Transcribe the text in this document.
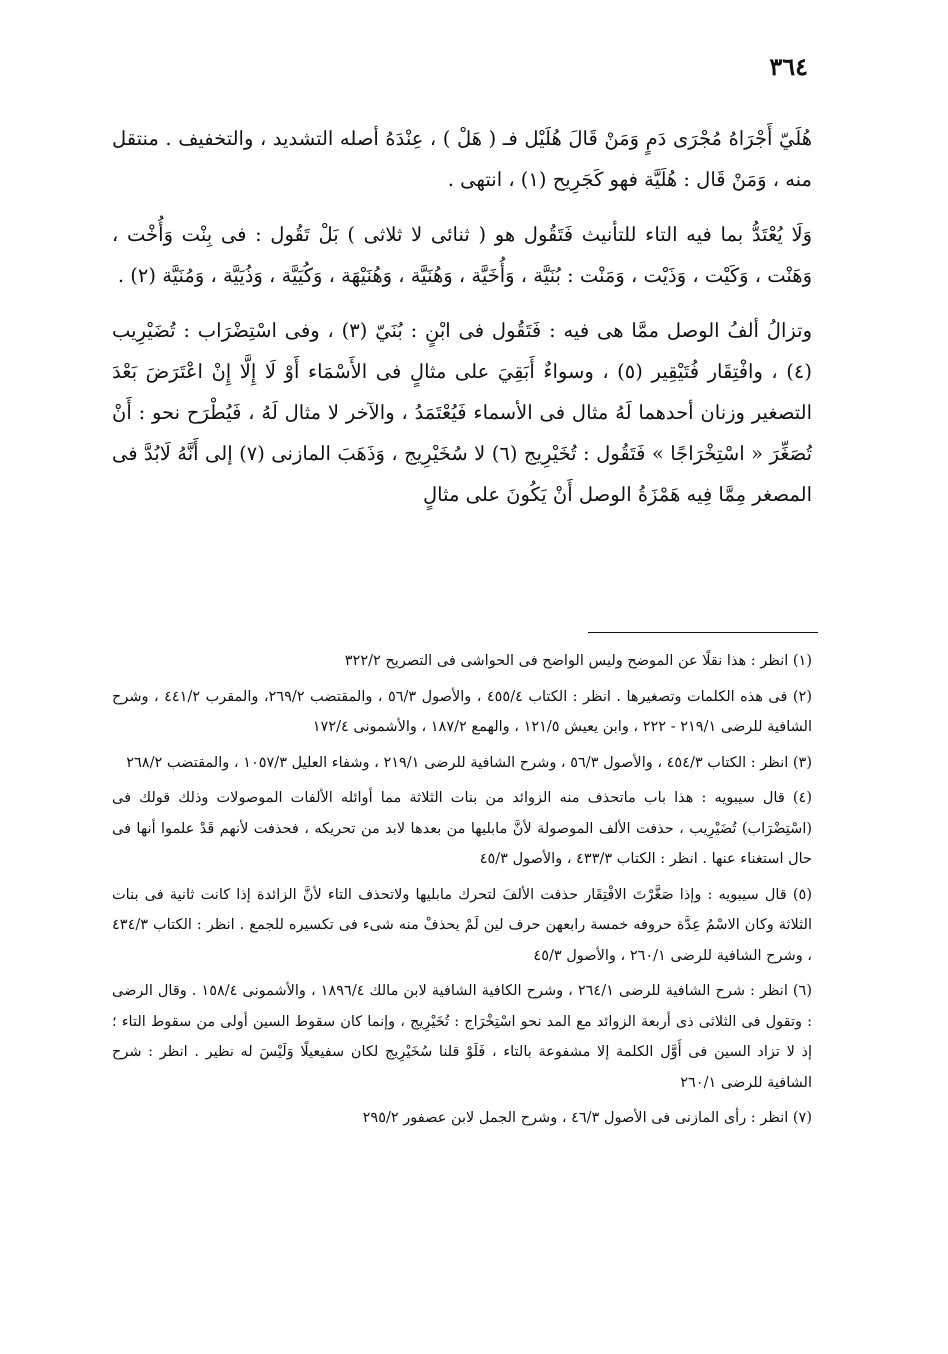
٣٦٤

هُلَيّ أَجْرَاهُ مُجْرَى دَمٍ وَمَنْ قَالَ هُلَيْل فـ ( هَلْ ) ، عِنْدَهُ أصله التشديد ، والتخفيف . منتقل منه ، وَمَنْ قَال : هُلَيَّة فهو كَجَرِيح (١) ، انتهى .

وَلَا يُعْتَدُّ بما فيه التاء للتأنيث فَتَقُول هو ( ثنائى لا ثلاثى ) بَلْ تَقُول : فى بِنْت وَأُخْت ، وَهَنْت ، وَكَيْت ، وَذَيْت ، وَمَنْت : بُنَيَّة ، وَأُخَيَّة ، وَهُنَيَّة ، وَهُنَيْهَة ، وَكُيَيَّة ، وَذُيَيَّة ، وَمُنَيَّة (٢) .

وتزالُ ألفُ الوصل ممَّا هى فيه : فَتَقُول فى ابْنٍ : بُنَيّ (٣) ، وفى اسْتِضْرَاب : تُضَيْرِيب (٤) ، وافْتِقَار فُتَيْقِير (٥) ، وسواءٌ أَبَقِيَ على مثالٍ فى الأَسْمَاء أَوْ لَا إِلَّا إِنْ اعْتَرَضَ بَعْدَ التصغير وزنان أحدهما لَهُ مثال فى الأسماء فَيُعْتَمَدُ ، والآخر لا مثال لَهُ ، فَيُطْرَح نحو : أَنْ تُصَغِّرَ « اسْتِخْرَاجًا » فَتَقُول : تُخَيْرِيج (٦) لا سُخَيْرِيج ، وَذَهَبَ المازنى (٧) إلى أَنَّهُ لَابُدَّ فى المصغر مِمَّا فِيه هَمْزَةُ الوصل أَنْ يَكُونَ على مثالٍ

(١) انظر : هذا نقلًا عن الموضح وليس الواضح فى الحواشى فى التصريح ٣٢٢/٢

(٢) فى هذه الكلمات وتصغيرها . انظر : الكتاب ٤٥٥/٤ ، والأصول ٥٦/٣ ، والمقتضب ٢٦٩/٢، والمقرب ٤٤١/٢ ، وشرح الشافية للرضى ٢١٩/١ - ٢٢٢ ، وابن يعيش ١٢١/٥ ، والهمع ١٨٧/٢ ، والأشمونى ١٧٢/٤

(٣) انظر : الكتاب ٤٥٤/٣ ، والأصول ٥٦/٣ ، وشرح الشافية للرضى ٢١٩/١ ، وشفاء العليل ١٠٥٧/٣ ، والمقتضب ٢٦٨/٢

(٤) قال سيبويه : هذا باب ماتحذف منه الزوائد من بنات الثلاثة مما أوائله الألفات الموصولات وذلك قولك فى (اسْتِضْرَاب) تُضَيْرِيب ، حذفت الألف الموصولة لأنَّ مابليها من بعدها لابد من تحريكه ، فحذفت لأنهم قَدْ علموا أنها فى حال استغناء عنها . انظر : الكتاب ٤٣٣/٣ ، والأصول ٤٥/٣

(٥) قال سيبويه : وإذا صَغَّرْتَ الافْتِقَار حذفت الألفَ لتحرك مابليها ولاتحذف التاء لأنَّ الزائدة إذا كانت ثانية فى بنات الثلاثة وكان الاسْمُ عِدَّة حروفه خمسة رابعهن حرف لين لَمْ يحذفْ منه شىء فى تكسيره للجمع . انظر : الكتاب ٤٣٤/٣ ، وشرح الشافية للرضى ٢٦٠/١ ، والأصول ٤٥/٣

(٦) انظر : شرح الشافية للرضى ٢٦٤/١ ، وشرح الكافية الشافية لابن مالك ١٨٩٦/٤ ، والأشمونى ١٥٨/٤ . وقال الرضى : وتقول فى الثلاثى ذى أربعة الزوائد مع المد نحو اسْتِخْرَاج : تُخَيْرِيج ، وإنما كان سقوط السين أولى من سقوط التاء ؛ إذ لا تزاد السين فى أَوَّل الكلمة إلا مشفوعة بالتاء ، فَلَوْ قلنا سُخَيْرِيج لكان سفيعيلًا وَلَيْسَ له نظير . انظر : شرح الشافية للرضى ٢٦٠/١

(٧) انظر : رأى المازنى فى الأصول ٤٦/٣ ، وشرح الجمل لابن عصفور ٢٩٥/٢
